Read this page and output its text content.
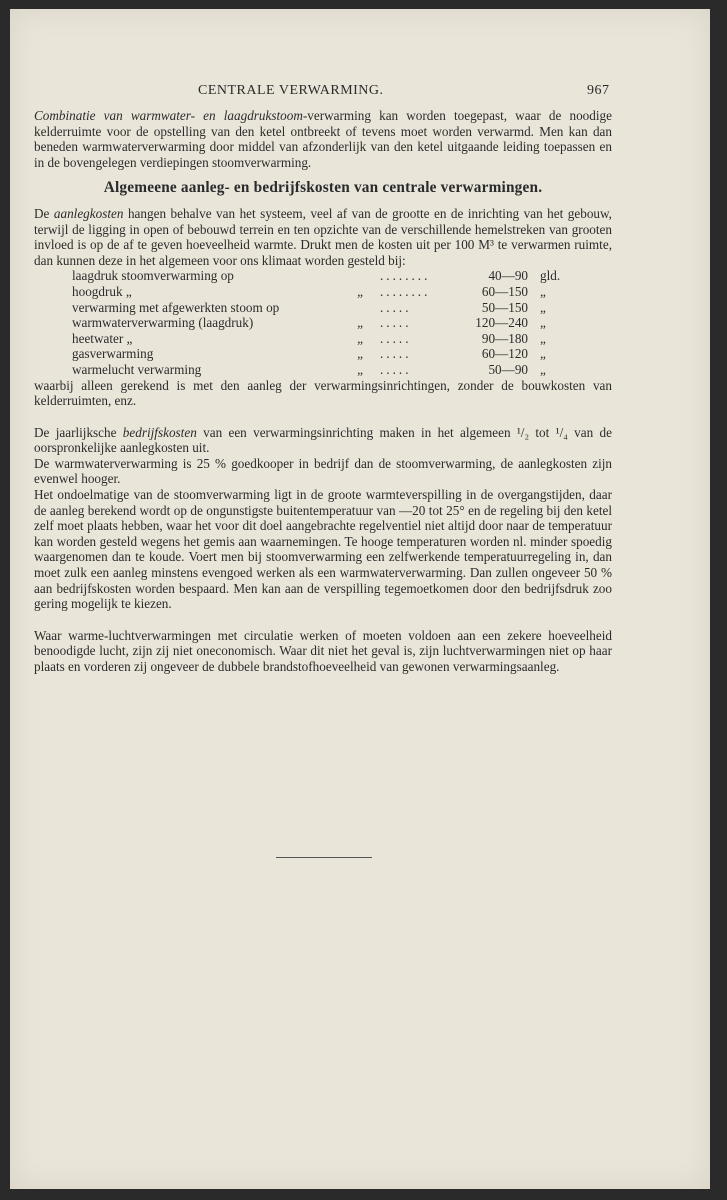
CENTRALE VERWARMING.	967

Combinatie van warmwater- en laagdrukstoom-verwarming kan worden toegepast, waar de noodige kelderruimte voor de opstelling van den ketel ontbreekt of tevens moet worden verwarmd. Men kan dan beneden warmwaterverwarming door middel van afzonderlijk van den ketel uitgaande leiding toepassen en in de bovengelegen verdiepingen stoomverwarming.

Algemeene aanleg- en bedrijfskosten van centrale verwarmingen.

De aanlegkosten hangen behalve van het systeem, veel af van de grootte en de inrichting van het gebouw, terwijl de ligging in open of bebouwd terrein en ten opzichte van de verschillende hemelstreken van grooten invloed is op de af te geven hoeveelheid warmte. Drukt men de kosten uit per 100 M³ te verwarmen ruimte, dan kunnen deze in het algemeen voor ons klimaat worden gesteld bij:

laagdruk stoomverwarming op	........	40—90 gld.
hoogdruk „	„	........	60—150 „
verwarming met afgewerkten stoom op	.....	50—150 „
warmwaterverwarming (laagdruk)	„	.....	120—240 „
heetwater „	„	.....	90—180 „
gasverwarming	„	.....	60—120 „
warmelucht verwarming	„	.....	50—90 „

waarbij alleen gerekend is met den aanleg der verwarmingsinrichtingen, zonder de bouwkosten van kelderruimten, enz.

De jaarlijksche bedrijfskosten van een verwarmingsinrichting maken in het algemeen ¹/₂ tot ¹/₄ van de oorspronkelijke aanlegkosten uit.

De warmwaterverwarming is 25 % goedkooper in bedrijf dan de stoomverwarming, de aanlegkosten zijn evenwel hooger.

Het ondoelmatige van de stoomverwarming ligt in de groote warmteverspilling in de overgangstijden, daar de aanleg berekend wordt op de ongunstigste buitentemperatuur van —20 tot 25° en de regeling bij den ketel zelf moet plaats hebben, waar het voor dit doel aangebrachte regelventiel niet altijd door naar de temperatuur kan worden gesteld wegens het gemis aan waarnemingen. Te hooge temperaturen worden nl. minder spoedig waargenomen dan te koude. Voert men bij stoomverwarming een zelfwerkende temperatuurregeling in, dan moet zulk een aanleg minstens evengoed werken als een warmwaterverwarming. Dan zullen ongeveer 50 % aan bedrijfskosten worden bespaard. Men kan aan de verspilling tegemoetkomen door den bedrijfsdruk zoo gering mogelijk te kiezen.

Waar warme-luchtverwarmingen met circulatie werken of moeten voldoen aan een zekere hoeveelheid benoodigde lucht, zijn zij niet oneconomisch. Waar dit niet het geval is, zijn luchtverwarmingen niet op haar plaats en vorderen zij ongeveer de dubbele brandstofhoeveelheid van gewonen verwarmingsaanleg.
